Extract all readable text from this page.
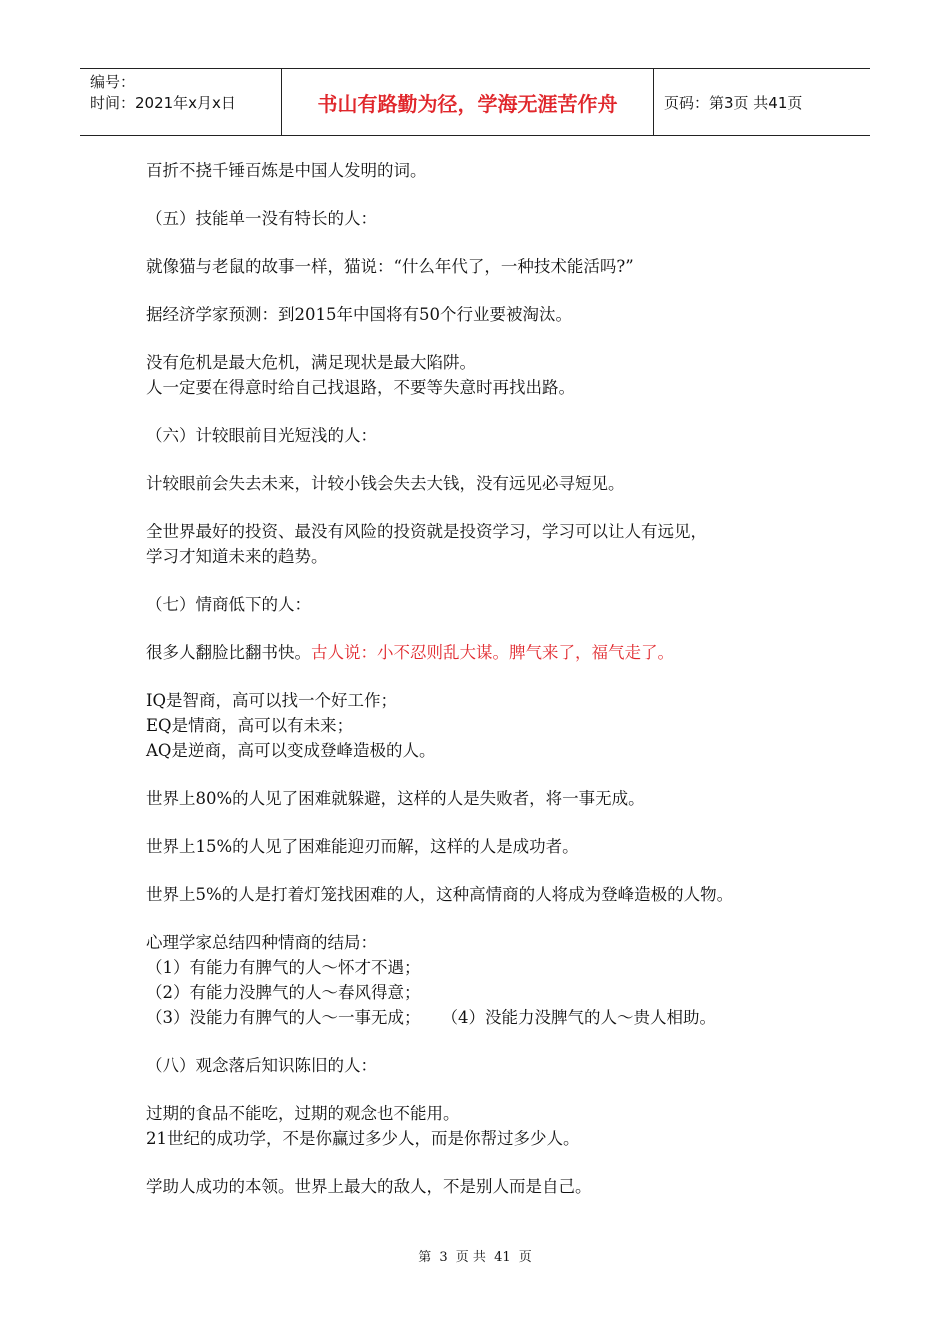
编号：
时间：2021年x月x日	书山有路勤为径，学海无涯苦作舟	页码：第3页 共41页
百折不挠千锤百炼是中国人发明的词。
（五）技能单一没有特长的人：
就像猫与老鼠的故事一样，猫说：“什么年代了，一种技术能活吗?”
据经济学家预测：到2015年中国将有50个行业要被淘汰。
没有危机是最大危机，满足现状是最大陷阱。
人一定要在得意时给自己找退路，不要等失意时再找出路。
（六）计较眼前目光短浅的人：
计较眼前会失去未来，计较小钱会失去大钱，没有远见必寻短见。
全世界最好的投资、最没有风险的投资就是投资学习，学习可以让人有远见，
学习才知道未来的趋势。
（七）情商低下的人：
很多人翻脸比翻书快。古人说：小不忍则乱大谋。脾气来了，福气走了。
IQ是智商，高可以找一个好工作；
EQ是情商，高可以有未来；
AQ是逆商，高可以变成登峰造极的人。
世界上80%的人见了困难就躲避，这样的人是失败者，将一事无成。
世界上15%的人见了困难能迎刃而解，这样的人是成功者。
世界上5%的人是打着灯笼找困难的人，这种高情商的人将成为登峰造极的人物。
心理学家总结四种情商的结局：
（1）有能力有脾气的人～怀才不遇；
（2）有能力没脾气的人～春风得意；
（3）没能力有脾气的人～一事无成；    （4）没能力没脾气的人～贵人相助。
（八）观念落后知识陈旧的人：
过期的食品不能吃，过期的观念也不能用。
21世纪的成功学，不是你赢过多少人，而是你帮过多少人。
学助人成功的本领。世界上最大的敌人，不是别人而是自己。
第 3 页 共 41 页
